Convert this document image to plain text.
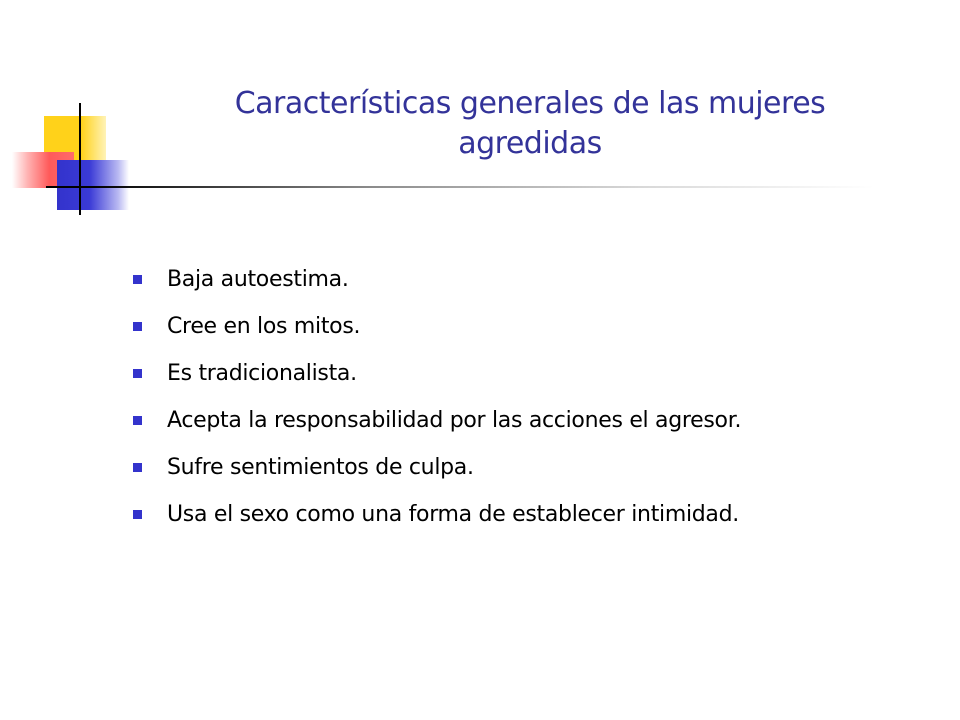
Características generales de las mujeres
agredidas
Baja autoestima.
Cree en los mitos.
Es tradicionalista.
Acepta la responsabilidad por las acciones el agresor.
Sufre sentimientos de culpa.
Usa el sexo como una forma de establecer intimidad.
